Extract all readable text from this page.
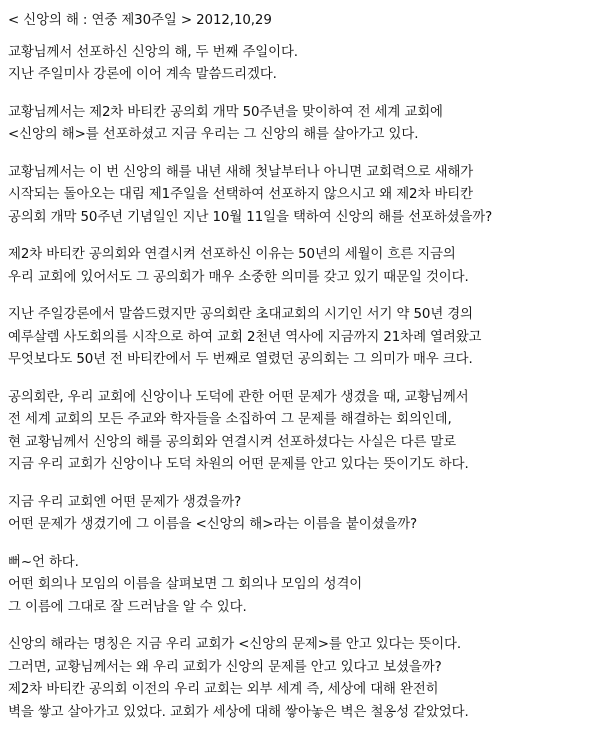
< 신앙의 해 : 연중 제30주일 > 2012,10,29
교황님께서 선포하신 신앙의 해, 두 번째 주일이다.
지난 주일미사 강론에 이어 계속 말씀드리겠다.
교황님께서는 제2차 바티칸 공의회 개막 50주년을 맞이하여 전 세계 교회에
<신앙의 해>를 선포하셨고 지금 우리는 그 신앙의 해를 살아가고 있다.
교황님께서는 이 번 신앙의 해를 내년 새해 첫날부터나 아니면 교회력으로 새해가
시작되는 돌아오는 대림 제1주일을 선택하여 선포하지 않으시고 왜 제2차 바티칸
공의회 개막 50주년 기념일인 지난 10월 11일을 택하여 신앙의 해를 선포하셨을까?
제2차 바티칸 공의회와 연결시켜 선포하신 이유는 50년의 세월이 흐른 지금의
우리 교회에 있어서도 그 공의회가 매우 소중한 의미를 갖고 있기 때문일 것이다.
지난 주일강론에서 말씀드렸지만 공의회란 초대교회의 시기인 서기 약 50년 경의
예루살렘 사도회의를 시작으로 하여 교회 2천년 역사에 지금까지 21차례 열려왔고
무엇보다도 50년 전 바티칸에서 두 번째로 열렸던 공의회는 그 의미가 매우 크다.
공의회란, 우리 교회에 신앙이나 도덕에 관한 어떤 문제가 생겼을 때, 교황님께서
전 세계 교회의 모든 주교와 학자들을 소집하여 그 문제를 해결하는 회의인데,
현 교황님께서 신앙의 해를 공의회와 연결시켜 선포하셨다는 사실은 다른 말로
지금 우리 교회가 신앙이나 도덕 차원의 어떤 문제를 안고 있다는 뜻이기도 하다.
지금 우리 교회엔 어떤 문제가 생겼을까?
어떤 문제가 생겼기에 그 이름을 <신앙의 해>라는 이름을 붙이셨을까?
뻐~언 하다.
어떤 회의나 모임의 이름을 살펴보면 그 회의나 모임의 성격이
그 이름에 그대로 잘 드러남을 알 수 있다.
신앙의 해라는 명칭은 지금 우리 교회가 <신앙의 문제>를 안고 있다는 뜻이다.
그러면, 교황님께서는 왜 우리 교회가 신앙의 문제를 안고 있다고 보셨을까?
제2차 바티칸 공의회 이전의 우리 교회는 외부 세계 즉, 세상에 대해 완전히
벽을 쌓고 살아가고 있었다. 교회가 세상에 대해 쌓아놓은 벽은 철옹성 같았었다.
